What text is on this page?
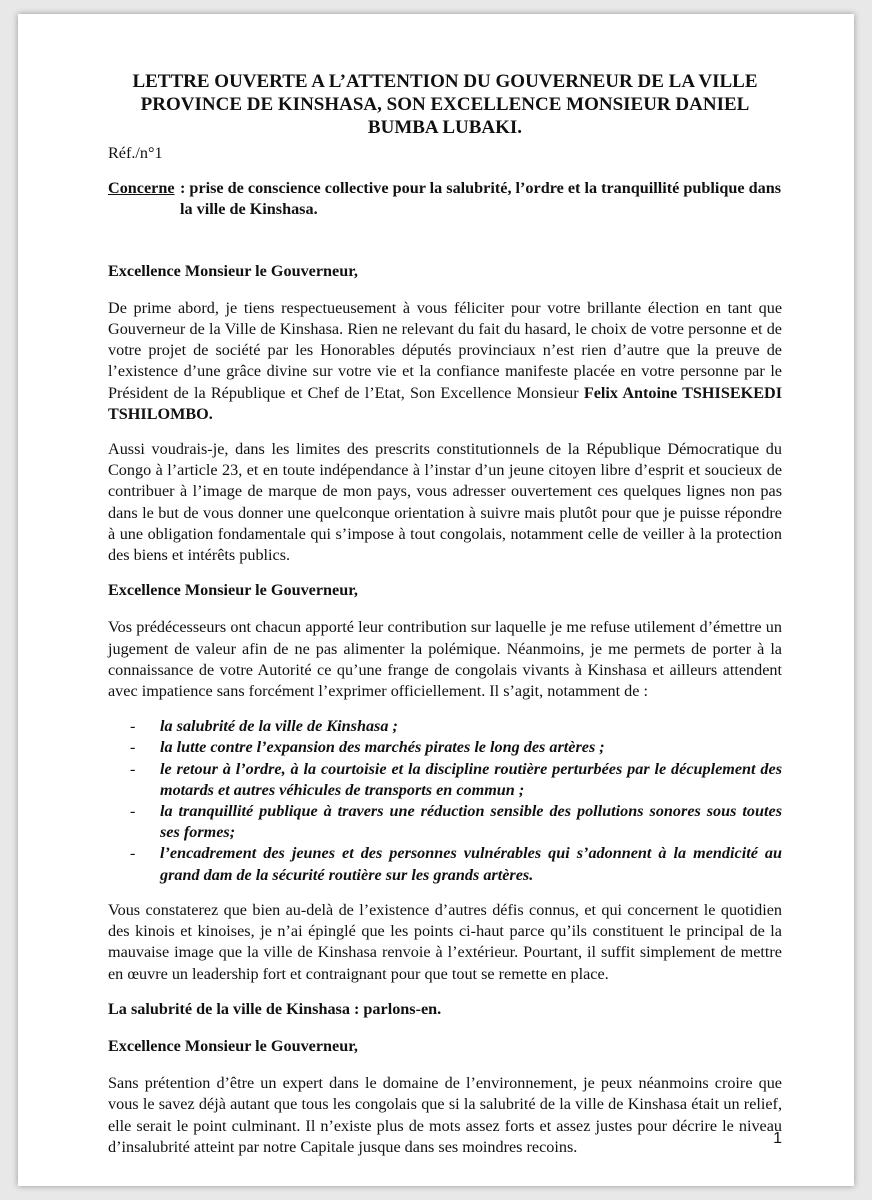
LETTRE OUVERTE A L’ATTENTION DU GOUVERNEUR DE LA VILLE PROVINCE DE KINSHASA, SON EXCELLENCE MONSIEUR DANIEL BUMBA LUBAKI.
Réf./n°1
Concerne : prise de conscience collective pour la salubrité, l’ordre et la tranquillité publique dans la ville de Kinshasa.
Excellence Monsieur le Gouverneur,

De prime abord, je tiens respectueusement à vous féliciter pour votre brillante élection en tant que Gouverneur de la Ville de Kinshasa. Rien ne relevant du fait du hasard, le choix de votre personne et de votre projet de société par les Honorables députés provinciaux n’est rien d’autre que la preuve de l’existence d’une grâce divine sur votre vie et la confiance manifeste placée en votre personne par le Président de la République et Chef de l’Etat, Son Excellence Monsieur Felix Antoine TSHISEKEDI TSHILOMBO.

Aussi voudrais-je, dans les limites des prescrits constitutionnels de la République Démocratique du Congo à l’article 23, et en toute indépendance à l’instar d’un jeune citoyen libre d’esprit et soucieux de contribuer à l’image de marque de mon pays, vous adresser ouvertement ces quelques lignes non pas dans le but de vous donner une quelconque orientation à suivre mais plutôt pour que je puisse répondre à une obligation fondamentale qui s’impose à tout congolais, notamment celle de veiller à la protection des biens et intérêts publics.

Excellence Monsieur le Gouverneur,

Vos prédécesseurs ont chacun apporté leur contribution sur laquelle je me refuse utilement d’émettre un jugement de valeur afin de ne pas alimenter la polémique. Néanmoins, je me permets de porter à la connaissance de votre Autorité ce qu’une frange de congolais vivants à Kinshasa et ailleurs attendent avec impatience sans forcément l’exprimer officiellement. Il s’agit, notamment de :

- la salubrité de la ville de Kinshasa ;
- la lutte contre l’expansion des marchés pirates le long des artères ;
- le retour à l’ordre, à la courtoisie et la discipline routière perturbées par le décuplement des motards et autres véhicules de transports en commun ;
- la tranquillité publique à travers une réduction sensible des pollutions sonores sous toutes ses formes;
- l’encadrement des jeunes et des personnes vulnérables qui s’adonnent à la mendicité au grand dam de la sécurité routière sur les grands artères.

Vous constaterez que bien au-delà de l’existence d’autres défis connus, et qui concernent le quotidien des kinois et kinoises, je n’ai épinglé que les points ci-haut parce qu’ils constituent le principal de la mauvaise image que la ville de Kinshasa renvoie à l’extérieur. Pourtant, il suffit simplement de mettre en œuvre un leadership fort et contraignant pour que tout se remette en place.

La salubrité de la ville de Kinshasa : parlons-en.
Excellence Monsieur le Gouverneur,

Sans prétention d’être un expert dans le domaine de l’environnement, je peux néanmoins croire que vous le savez déjà autant que tous les congolais que si la salubrité de la ville de Kinshasa était un relief, elle serait le point culminant. Il n’existe plus de mots assez forts et assez justes pour décrire le niveau d’insalubrité atteint par notre Capitale jusque dans ses moindres recoins.	1
